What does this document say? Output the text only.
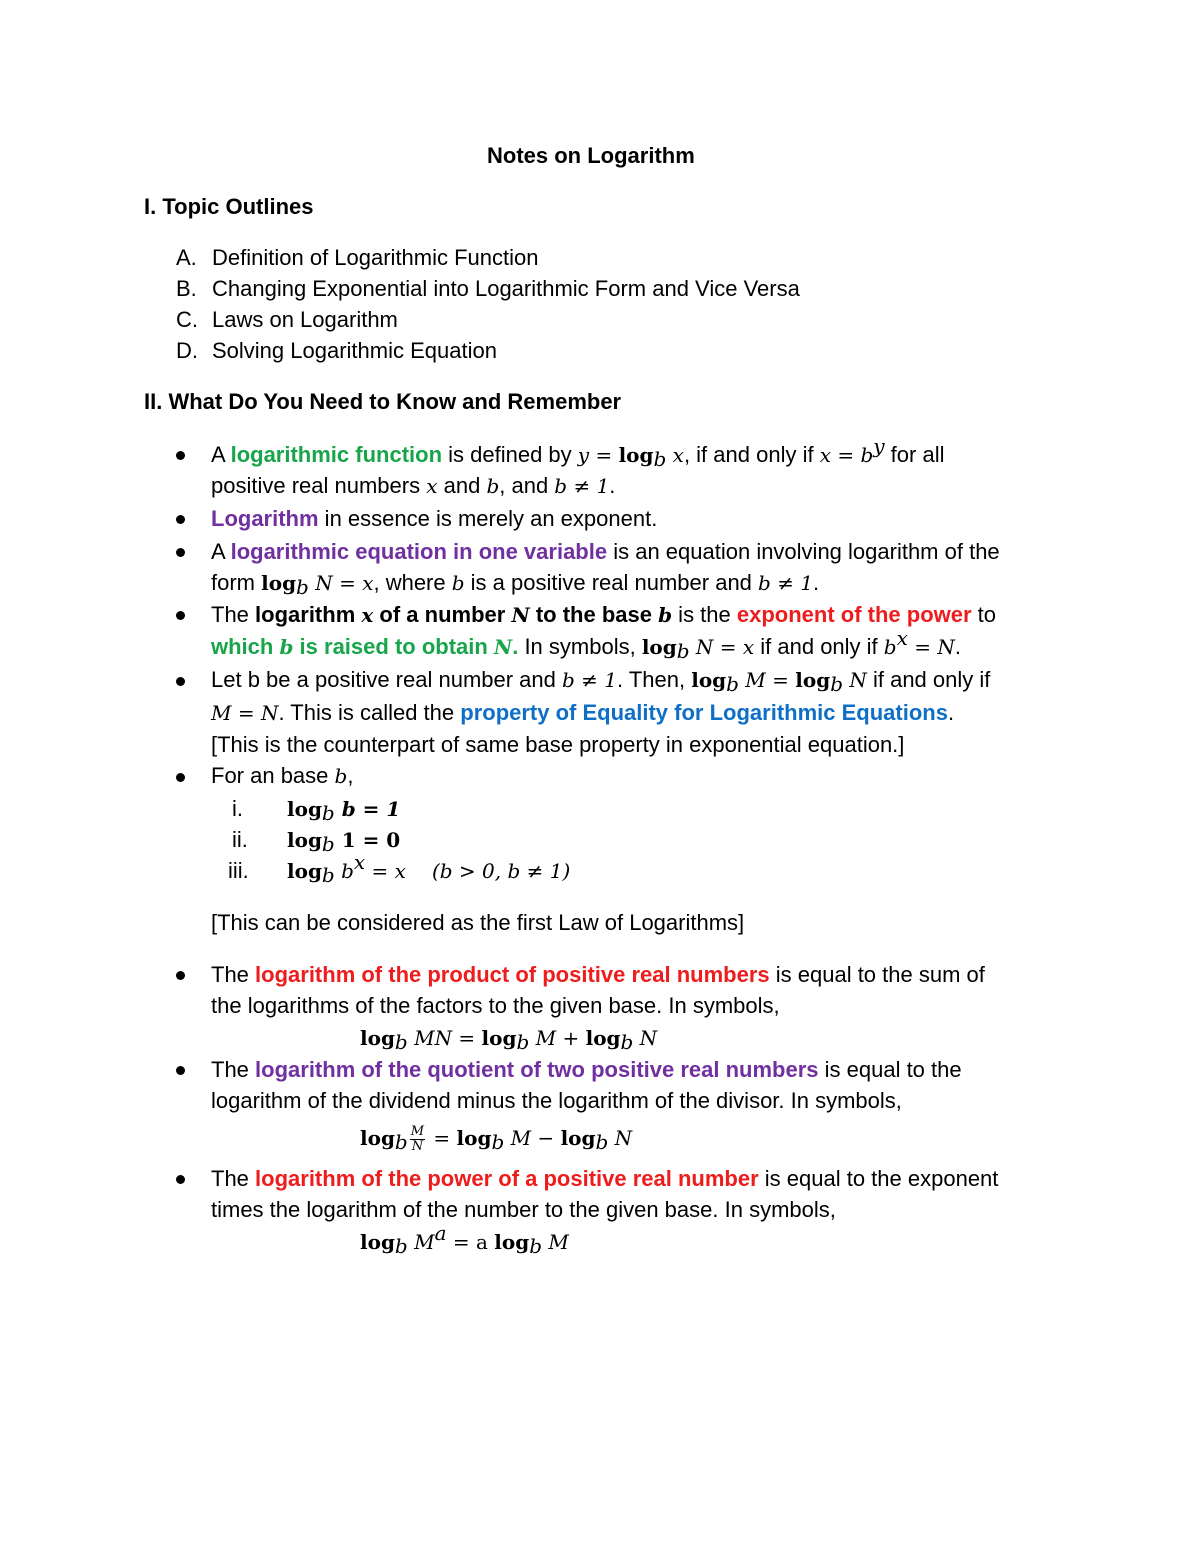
Notes on Logarithm
I. Topic Outlines
A. Definition of Logarithmic Function
B. Changing Exponential into Logarithmic Form and Vice Versa
C. Laws on Logarithm
D. Solving Logarithmic Equation
II. What Do You Need to Know and Remember
A logarithmic function is defined by $y = \log_b x$, if and only if $x = b^y$ for all
positive real numbers x and b, and b ≠ 1.
Logarithm in essence is merely an exponent.
A logarithmic equation in one variable is an equation involving logarithm of the
form $\log_b N = x$, where b is a positive real number and b ≠ 1.
The logarithm x of a number N to the base b is the exponent of the power to
which b is raised to obtain N. In symbols, $\log_b N = x$ if and only if $b^x = N$.
Let b be a positive real number and b ≠ 1. Then, $\log_b M = \log_b N$ if and only if
M = N. This is called the property of Equality for Logarithmic Equations.
[This is the counterpart of same base property in exponential equation.]
For an base b,
i. $\log_b b = 1$
ii. $\log_b 1 = 0$
iii. $\log_b b^x = x$ (b > 0, b ≠ 1)
[This can be considered as the first Law of Logarithms]
The logarithm of the product of positive real numbers is equal to the sum of
the logarithms of the factors to the given base. In symbols,
$\log_b$ MN = $\log_b M + \log_b N$
The logarithm of the quotient of two positive real numbers is equal to the
logarithm of the dividend minus the logarithm of the divisor. In symbols,
$\log_b \frac{M}{N} = \log_b M - \log_b N$
The logarithm of the power of a positive real number is equal to the exponent
times the logarithm of the number to the given base. In symbols,
$\log_b M^a = a$ $\log_b M$
